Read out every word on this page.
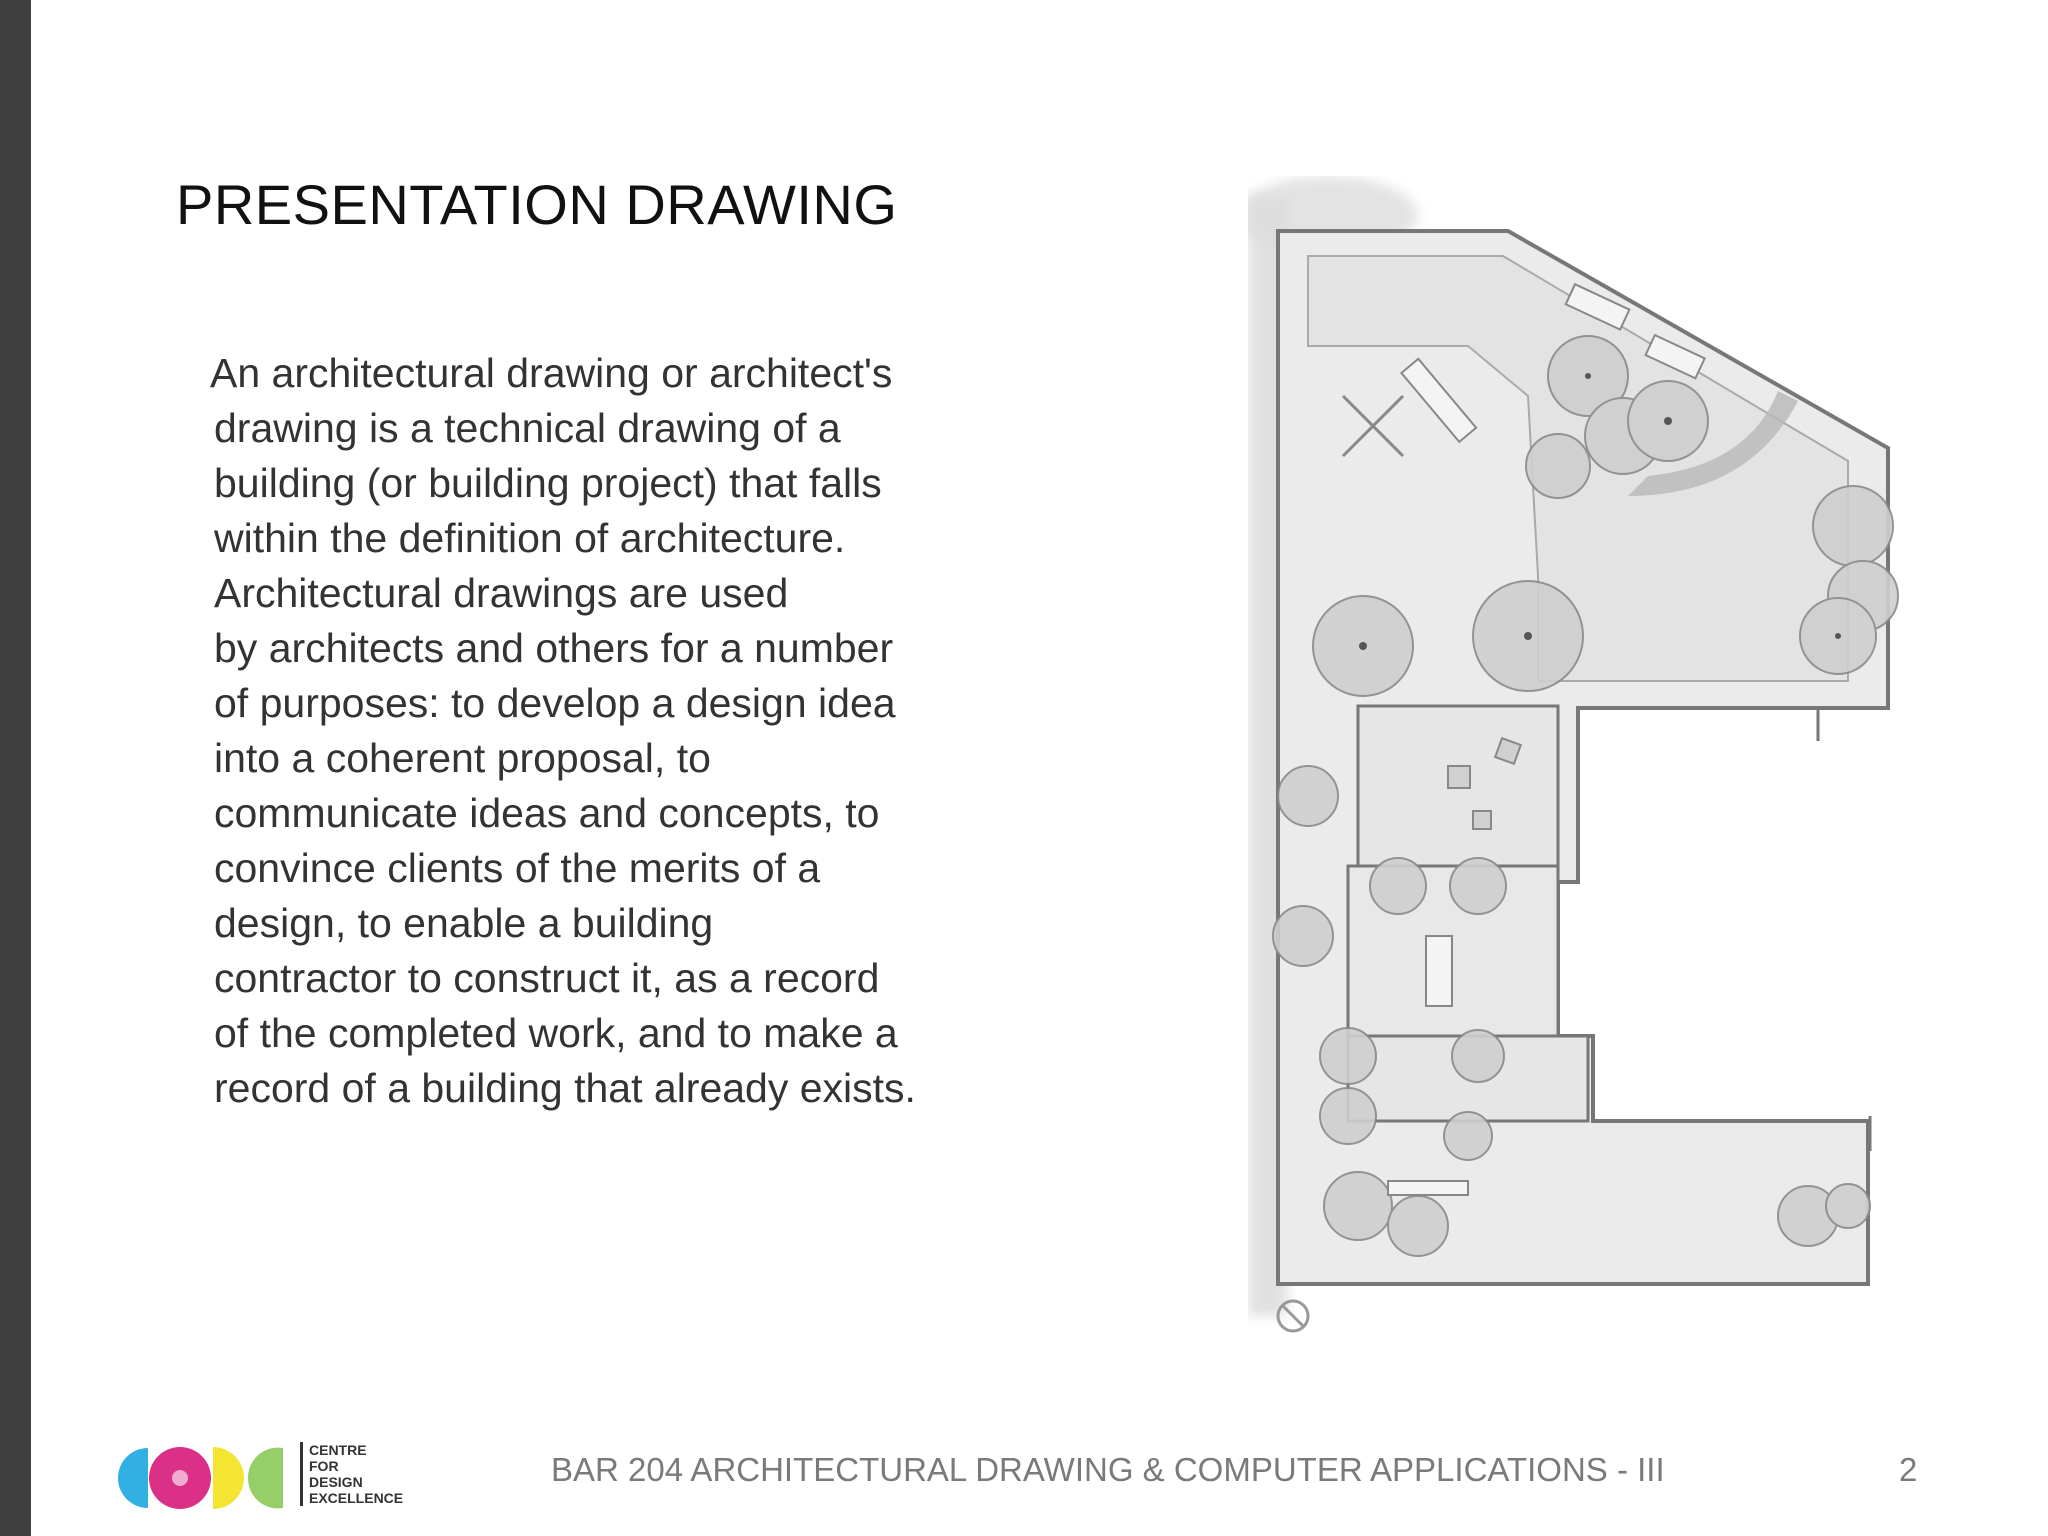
PRESENTATION DRAWING
An architectural drawing or architect's
drawing is a technical drawing of a
building (or building project) that falls
within the definition of architecture.
Architectural drawings are used
by architects and others for a number
of purposes: to develop a design idea
into a coherent proposal, to
communicate ideas and concepts, to
convince clients of the merits of a
design, to enable a building
contractor to construct it, as a record
of the completed work, and to make a
record of a building that already exists.
CENTRE
FOR
DESIGN
EXCELLENCE
BAR 204 ARCHITECTURAL DRAWING & COMPUTER APPLICATIONS - III	2
